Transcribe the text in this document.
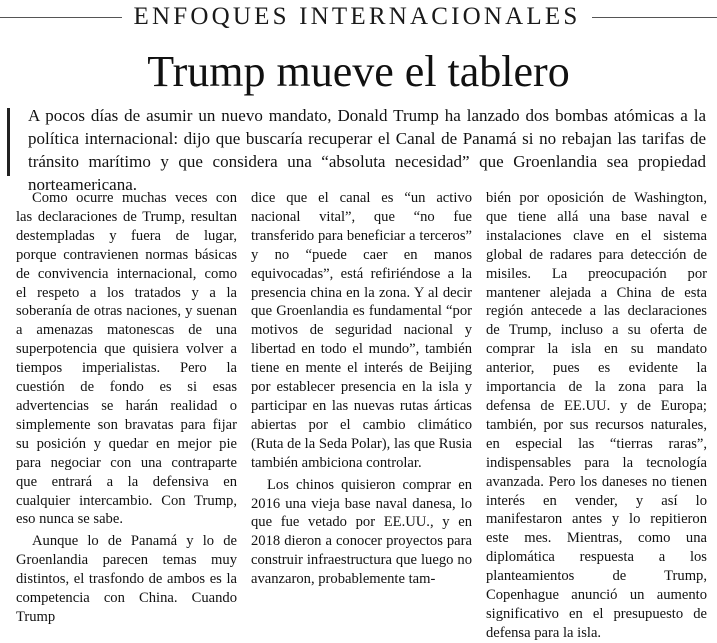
ENFOQUES INTERNACIONALES
Trump mueve el tablero

A pocos días de asumir un nuevo mandato, Donald Trump ha lanzado dos bombas atómicas a la política internacional: dijo que buscaría recuperar el Canal de Panamá si no rebajan las tarifas de tránsito marítimo y que considera una “absoluta necesidad” que Groenlandia sea propiedad norteamericana.

Como ocurre muchas veces con las declaraciones de Trump, resultan destempladas y fuera de lugar, porque contravienen normas básicas de convivencia internacional, como el respeto a los tratados y a la soberanía de otras naciones, y suenan a amenazas matonescas de una superpotencia que quisiera volver a tiempos imperialistas. Pero la cuestión de fondo es si esas advertencias se harán realidad o simplemente son bravatas para fijar su posición y quedar en mejor pie para negociar con una contraparte que entrará a la defensiva en cualquier intercambio. Con Trump, eso nunca se sabe.

Aunque lo de Panamá y lo de Groenlandia parecen temas muy distintos, el trasfondo de ambos es la competencia con China. Cuando Trump

dice que el canal es “un activo nacional vital”, que “no fue transferido para beneficiar a terceros” y no “puede caer en manos equivocadas”, está refiriéndose a la presencia china en la zona. Y al decir que Groenlandia es fundamental “por motivos de seguridad nacional y libertad en todo el mundo”, también tiene en mente el interés de Beijing por establecer presencia en la isla y participar en las nuevas rutas árticas abiertas por el cambio climático (Ruta de la Seda Polar), las que Rusia también ambiciona controlar.

Los chinos quisieron comprar en 2016 una vieja base naval danesa, lo que fue vetado por EE.UU., y en 2018 dieron a conocer proyectos para construir infraestructura que luego no avanzaron, probablemente tam-

bién por oposición de Washington, que tiene allá una base naval e instalaciones clave en el sistema global de radares para detección de misiles. La preocupación por mantener alejada a China de esta región antecede a las declaraciones de Trump, incluso a su oferta de comprar la isla en su mandato anterior, pues es evidente la importancia de la zona para la defensa de EE.UU. y de Europa; también, por sus recursos naturales, en especial las “tierras raras”, indispensables para la tecnología avanzada. Pero los daneses no tienen interés en vender, y así lo manifestaron antes y lo repitieron este mes. Mientras, como una diplomática respuesta a los planteamientos de Trump, Copenhague anunció un aumento significativo en el presupuesto de defensa para la isla.
